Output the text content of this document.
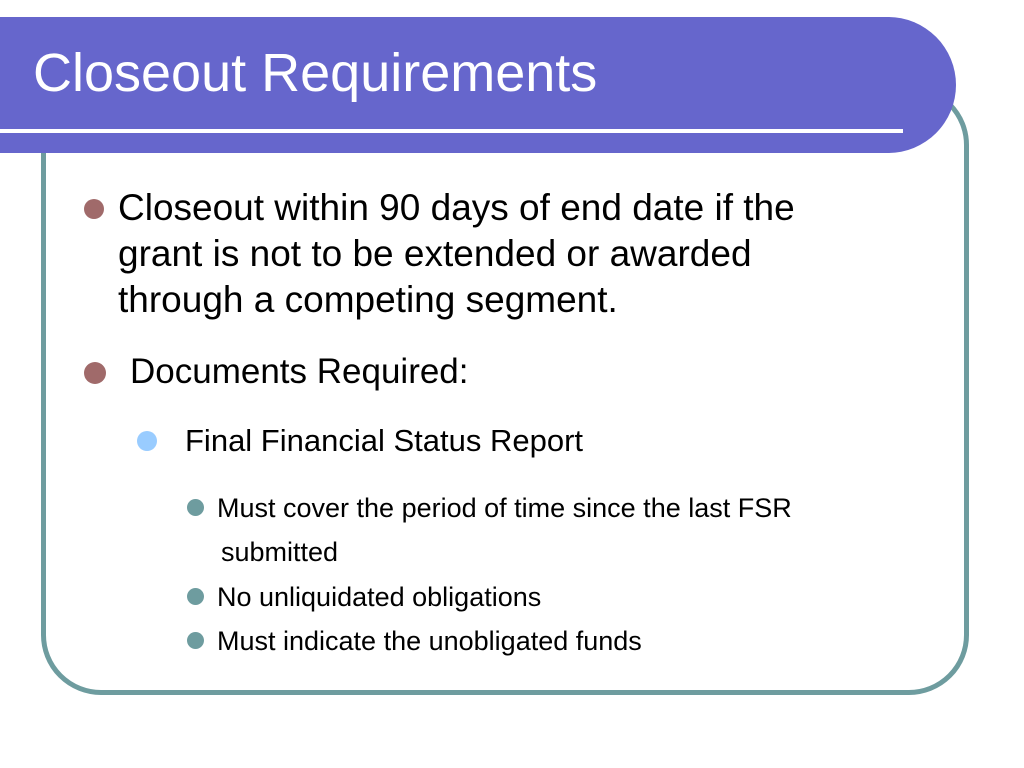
Closeout Requirements
Closeout within 90 days of end date if the
grant is not to be extended or awarded
through a competing segment.
Documents Required:
Final Financial Status Report
Must cover the period of time since the last FSR
submitted
No unliquidated obligations
Must indicate the unobligated funds
